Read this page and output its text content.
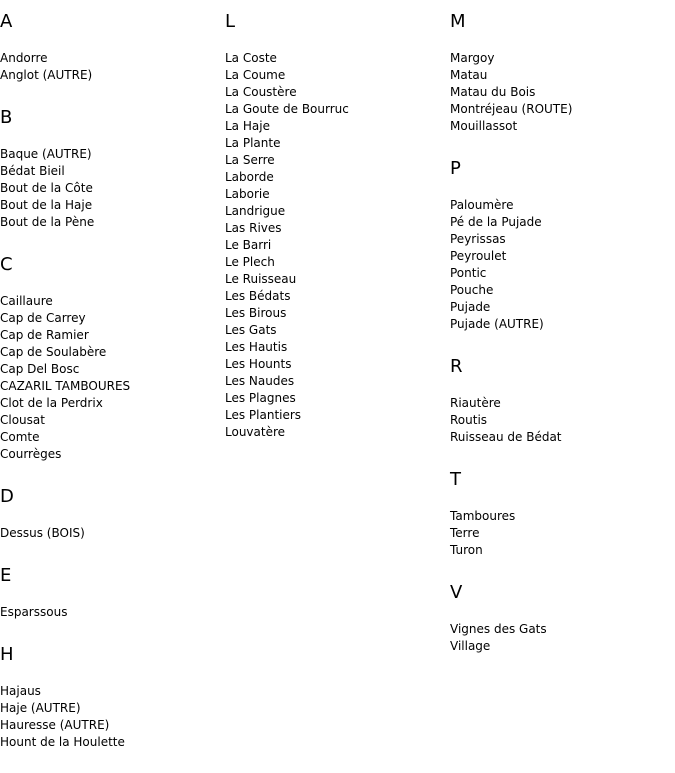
A
Andorre
Anglot (AUTRE)
B
Baque (AUTRE)
Bédat Bieil
Bout de la Côte
Bout de la Haje
Bout de la Pène
C
Caillaure
Cap de Carrey
Cap de Ramier
Cap de Soulabère
Cap Del Bosc
CAZARIL TAMBOURES
Clot de la Perdrix
Clousat
Comte
Courrèges
D
Dessus (BOIS)
E
Esparssous
H
Hajaus
Haje (AUTRE)
Hauresse (AUTRE)
Hount de la Houlette
L
La Coste
La Coume
La Coustère
La Goute de Bourruc
La Haje
La Plante
La Serre
Laborde
Laborie
Landrigue
Las Rives
Le Barri
Le Plech
Le Ruisseau
Les Bédats
Les Birous
Les Gats
Les Hautis
Les Hounts
Les Naudes
Les Plagnes
Les Plantiers
Louvatère
M
Margoy
Matau
Matau du Bois
Montréjeau (ROUTE)
Mouillassot
P
Paloumère
Pé de la Pujade
Peyrissas
Peyroulet
Pontic
Pouche
Pujade
Pujade (AUTRE)
R
Riautère
Routis
Ruisseau de Bédat
T
Tamboures
Terre
Turon
V
Vignes des Gats
Village
